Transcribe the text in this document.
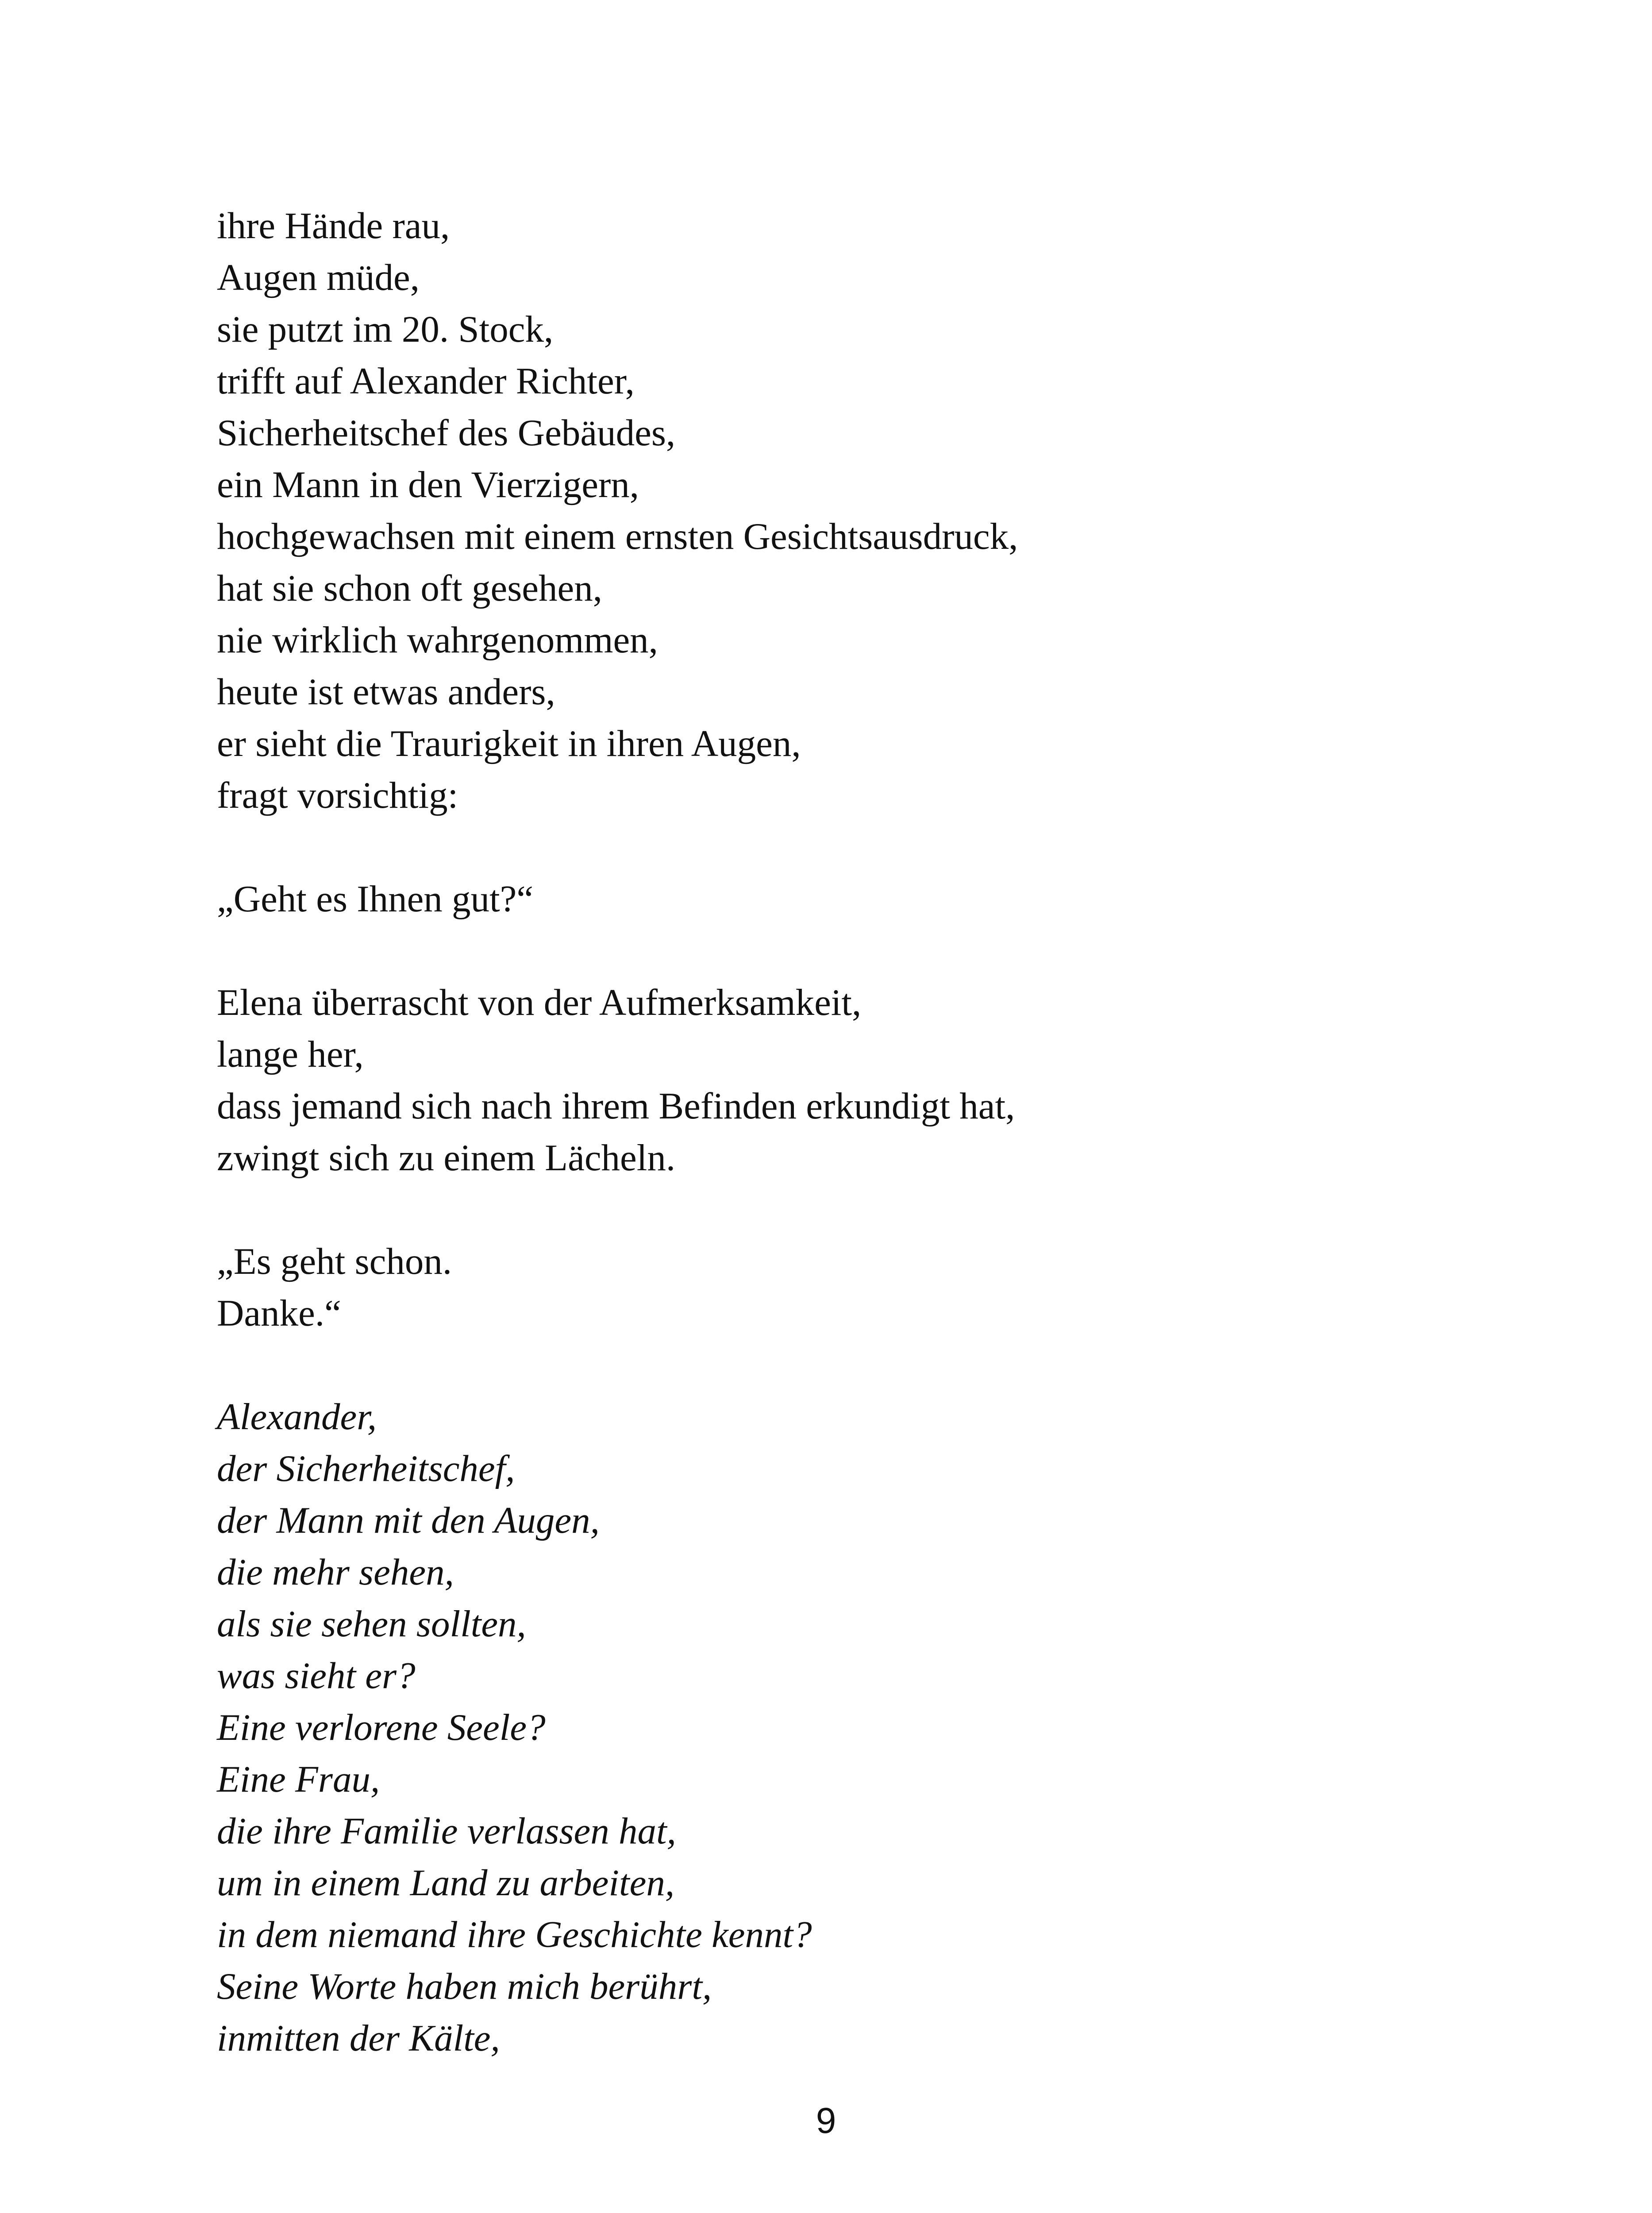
ihre Hände rau,
Augen müde,
sie putzt im 20. Stock,
trifft auf Alexander Richter,
Sicherheitschef des Gebäudes,
ein Mann in den Vierzigern,
hochgewachsen mit einem ernsten Gesichtsausdruck,
hat sie schon oft gesehen,
nie wirklich wahrgenommen,
heute ist etwas anders,
er sieht die Traurigkeit in ihren Augen,
fragt vorsichtig:
„Geht es Ihnen gut?“
Elena überrascht von der Aufmerksamkeit,
lange her,
dass jemand sich nach ihrem Befinden erkundigt hat,
zwingt sich zu einem Lächeln.
„Es geht schon.
Danke.“
Alexander,
der Sicherheitschef,
der Mann mit den Augen,
die mehr sehen,
als sie sehen sollten,
was sieht er?
Eine verlorene Seele?
Eine Frau,
die ihre Familie verlassen hat,
um in einem Land zu arbeiten,
in dem niemand ihre Geschichte kennt?
Seine Worte haben mich berührt,
inmitten der Kälte,
9
